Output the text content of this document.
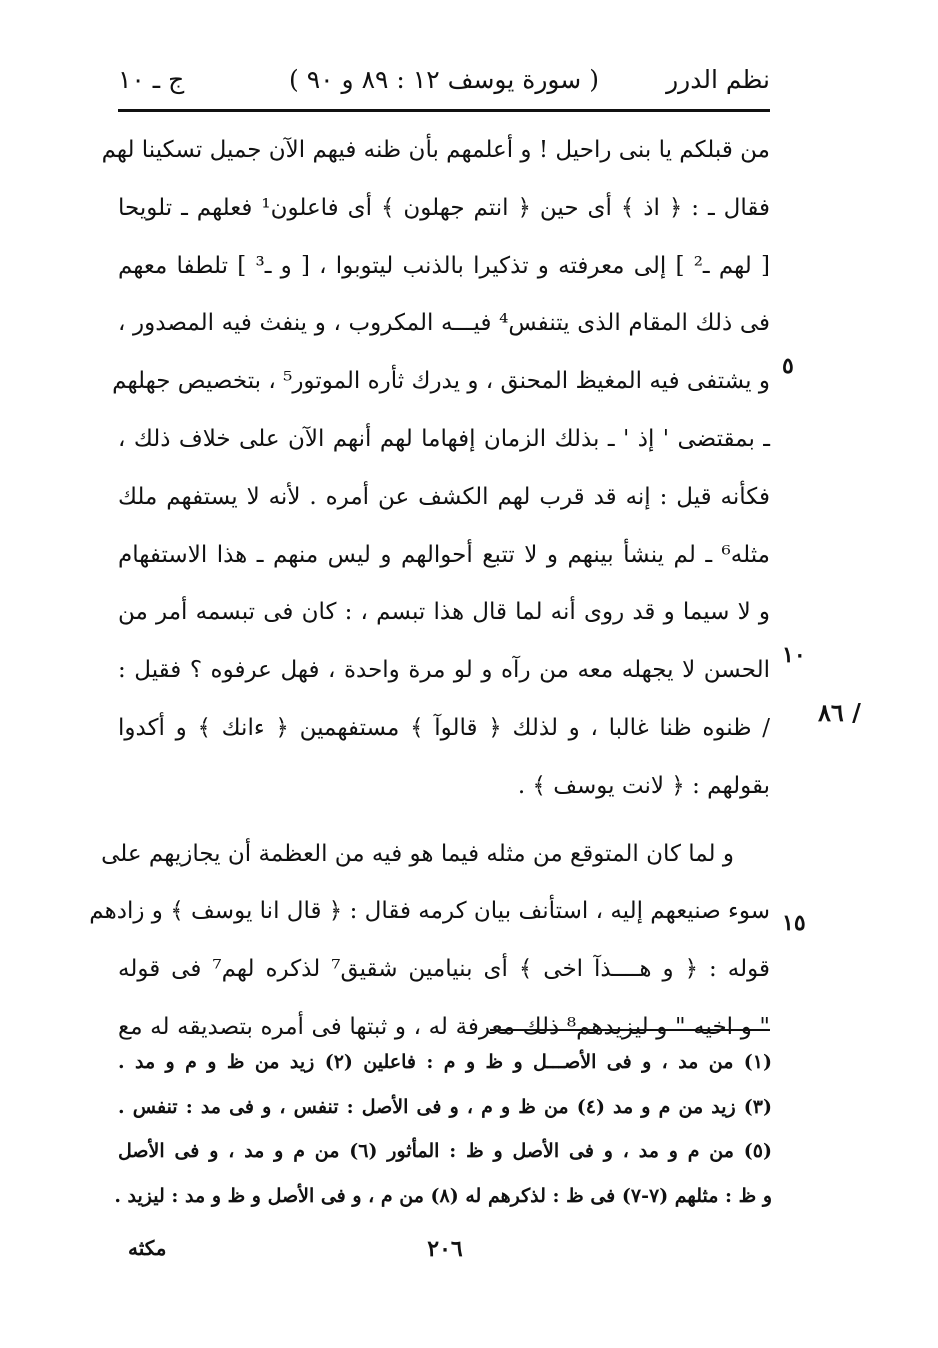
نظم الدرر
( سورة يوسف ١٢ : ٨٩ و ٩٠ )
ج ـ ١٠
من قبلكم يا بنى راحيل ! و أعلمهم بأن ظنه فيهم الآن جميل تسكينا لهم
فقال ـ : ﴿ اذ ﴾ أى حين ﴿ انتم جهلون ﴾ أى فاعلون¹ فعلهم ـ تلويحا
[ لهم ـ² ] إلى معرفته و تذكيرا بالذنب ليتوبوا ، [ و ـ³ ] تلطفا معهم
فى ذلك المقام الذى يتنفس⁴ فيـــه المكروب ، و ينفث فيه المصدور ،
و يشتفى فيه المغيظ المحنق ، و يدرك ثأره الموتور⁵ ، بتخصيص جهلهم
ـ بمقتضى ' إذ ' ـ بذلك الزمان إفهاما لهم أنهم الآن على خلاف ذلك ،
فكأنه قيل : إنه قد قرب لهم الكشف عن أمره . لأنه لا يستفهم ملك
مثله⁶ ـ لم ينشأ بينهم و لا تتبع أحوالهم و ليس منهم ـ هذا الاستفهام
و لا سيما و قد روى أنه لما قال هذا تبسم ، : كان فى تبسمه أمر من
الحسن لا يجهله معه من رآه و لو مرة واحدة ، فهل عرفوه ؟ فقيل :
/ ظنوه ظنا غالبا ، و لذلك ﴿ قالوآ ﴾ مستفهمين ﴿ ءانك ﴾ و أكدوا
بقولهم : ﴿ لانت يوسف ﴾ .
و لما كان المتوقع من مثله فيما هو فيه من العظمة أن يجازيهم على
سوء صنيعهم إليه ، استأنف بيان كرمه فقال : ﴿ قال انا يوسف ﴾ و زادهم
قوله : ﴿ و هــــذآ اخى ﴾ أى بنيامين شقيق⁷ لذكره لهم⁷ فى قوله
" و اخيه " و ليزيدهم⁸ ذلك معرفة له ، و ثبتها فى أمره بتصديقه له مع
٥
١٠
١٥
٨٦ /
(١) من مد ، و فى الأصـــل و ظ و م : فاعلين (٢) زيد من ظ و م و مد .
(٣) زيد من م و مد (٤) من ظ و م ، و فى الأصل : تنفس ، و فى مد : تنفس .
(٥) من م و مد ، و فى الأصل و ظ : المأثور (٦) من م و مد ، و فى الأصل
و ظ : مثلهم (٧-٧) فى ظ : لذكرهم له (٨) من م ، و فى الأصل و ظ و مد : ليزيد .
مكثه	٢٠٦
